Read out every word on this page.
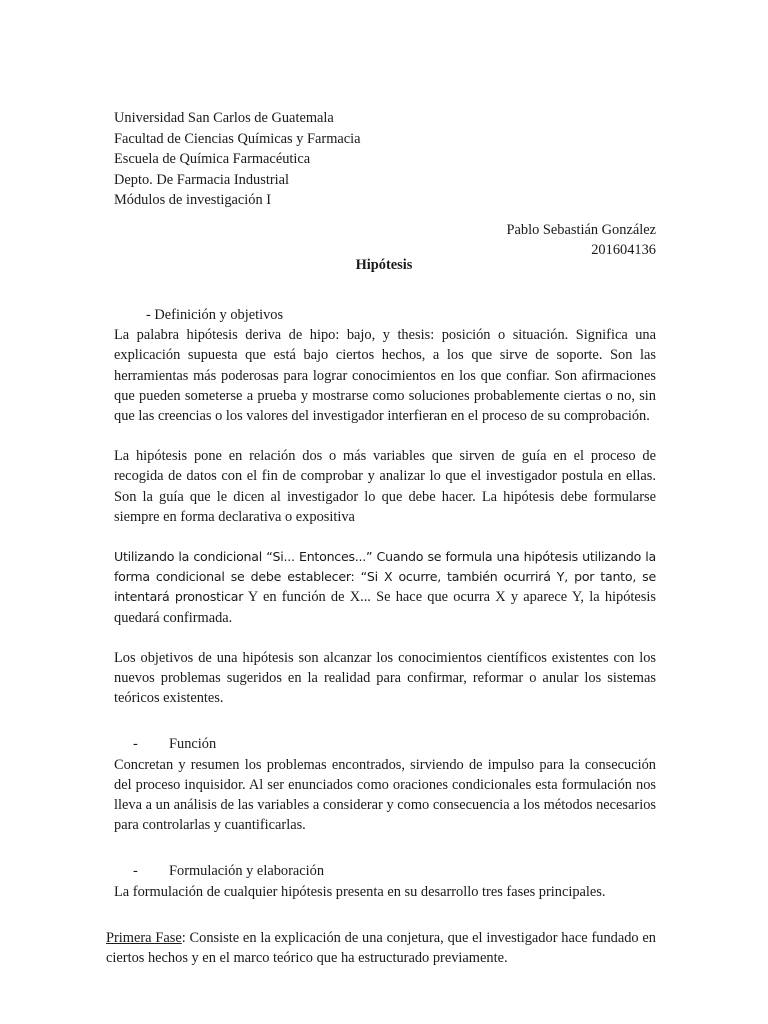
Universidad San Carlos de Guatemala
Facultad de Ciencias Químicas y Farmacia
Escuela de Química Farmacéutica
Depto. De Farmacia Industrial
Módulos de investigación I
Pablo Sebastián González
201604136
Hipótesis
- Definición y objetivos

La palabra hipótesis deriva de hipo: bajo, y thesis: posición o situación. Significa una explicación supuesta que está bajo ciertos hechos, a los que sirve de soporte. Son las herramientas más poderosas para lograr conocimientos en los que confiar. Son afirmaciones que pueden someterse a prueba y mostrarse como soluciones probablemente ciertas o no, sin que las creencias o los valores del investigador interfieran en el proceso de su comprobación.

La hipótesis pone en relación dos o más variables que sirven de guía en el proceso de recogida de datos con el fin de comprobar y analizar lo que el investigador postula en ellas. Son la guía que le dicen al investigador lo que debe hacer. La hipótesis debe formularse siempre en forma declarativa o expositiva

Utilizando la condicional “Si... Entonces...” Cuando se formula una hipótesis utilizando la forma condicional se debe establecer: “Si X ocurre, también ocurrirá Y, por tanto, se intentará pronosticar Y en función de X... Se hace que ocurra X y aparece Y, la hipótesis quedará confirmada.

Los objetivos de una hipótesis son alcanzar los conocimientos científicos existentes con los nuevos problemas sugeridos en la realidad para confirmar, reformar o anular los sistemas teóricos existentes.

-	Función

Concretan y resumen los problemas encontrados, sirviendo de impulso para la consecución del proceso inquisidor. Al ser enunciados como oraciones condicionales esta formulación nos lleva a un análisis de las variables a considerar y como consecuencia a los métodos necesarios para controlarlas y cuantificarlas.

-	Formulación y elaboración

La formulación de cualquier hipótesis presenta en su desarrollo tres fases principales.

Primera Fase: Consiste en la explicación de una conjetura, que el investigador hace fundado en ciertos hechos y en el marco teórico que ha estructurado previamente.
